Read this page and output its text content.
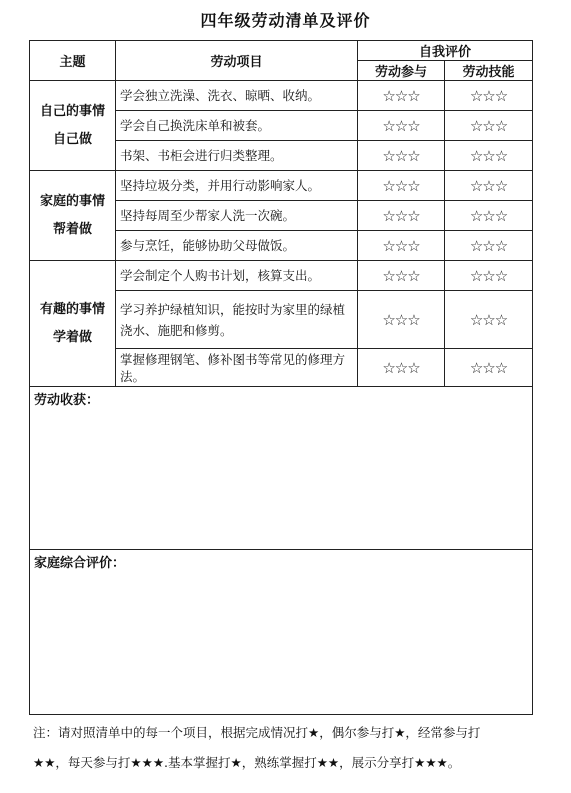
四年级劳动清单及评价
主题	劳动项目	自我评价	
		劳动参与	劳动技能

自己的事情
自己做	学会独立洗澡、洗衣、晾晒、收纳。	☆☆☆	☆☆☆
	学会自己换洗床单和被套。	☆☆☆	☆☆☆
	书架、书柜会进行归类整理。	☆☆☆	☆☆☆

家庭的事情
帮着做	坚持垃圾分类，并用行动影响家人。	☆☆☆	☆☆☆
	坚持每周至少帮家人洗一次碗。	☆☆☆	☆☆☆
	参与烹饪，能够协助父母做饭。	☆☆☆	☆☆☆

有趣的事情
学着做	学会制定个人购书计划，核算支出。	☆☆☆	☆☆☆
	学习养护绿植知识，能按时为家里的绿植浇水、施肥和修剪。	☆☆☆	☆☆☆
	掌握修理钢笔、修补图书等常见的修理方法。	☆☆☆	☆☆☆

劳动收获：			

家庭综合评价：			
注：请对照清单中的每一个项目，根据完成情况打★，偶尔参与打★，经常参与打
★★，每天参与打★★★.基本掌握打★，熟练掌握打★★，展示分享打★★★。
